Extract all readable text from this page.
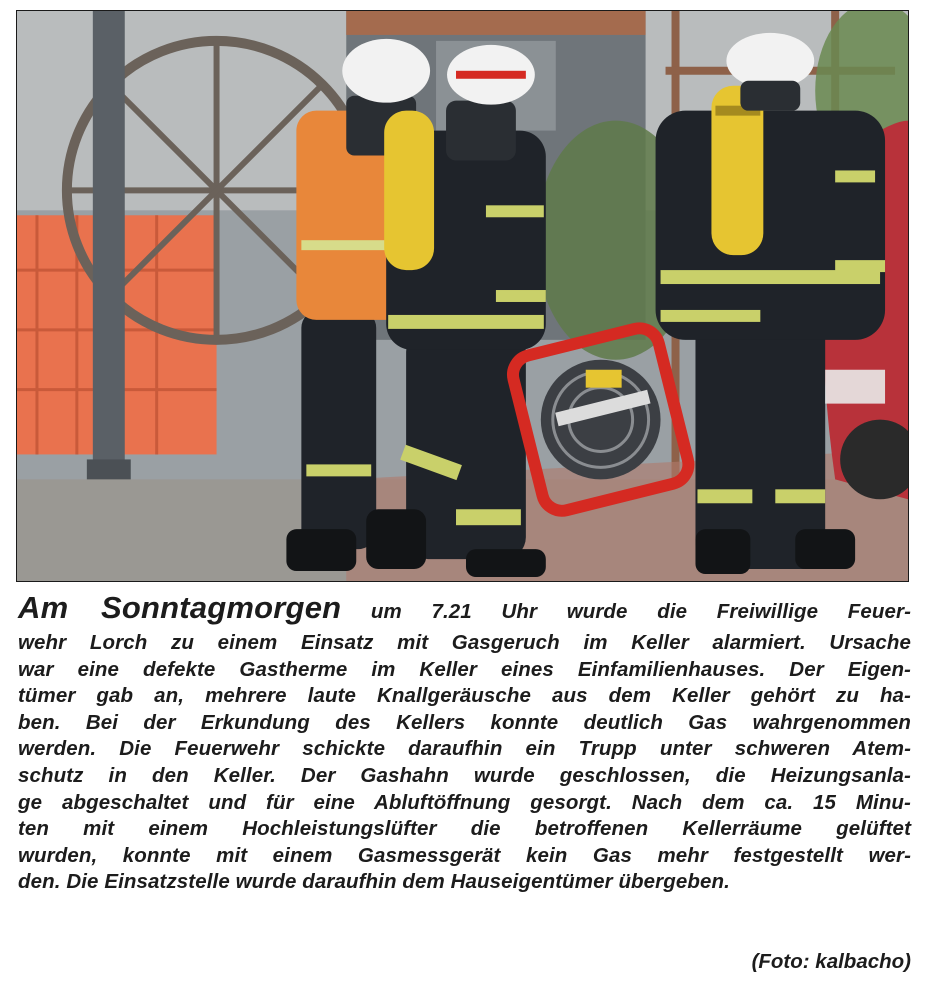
Am Sonntagmorgen um 7.21 Uhr wurde die Freiwillige Feuer-
wehr Lorch zu einem Einsatz mit Gasgeruch im Keller alarmiert. Ursache
war eine defekte Gastherme im Keller eines Einfamilienhauses. Der Eigen-
tümer gab an, mehrere laute Knallgeräusche aus dem Keller gehört zu ha-
ben. Bei der Erkundung des Kellers konnte deutlich Gas wahrgenommen
werden. Die Feuerwehr schickte daraufhin ein Trupp unter schweren Atem-
schutz in den Keller. Der Gashahn wurde geschlossen, die Heizungsanla-
ge abgeschaltet und für eine Abluftöffnung gesorgt. Nach dem ca. 15 Minu-
ten mit einem Hochleistungslüfter die betroffenen Kellerräume gelüftet
wurden, konnte mit einem Gasmessgerät kein Gas mehr festgestellt wer-
den. Die Einsatzstelle wurde daraufhin dem Hauseigentümer übergeben.
(Foto: kalbacho)
